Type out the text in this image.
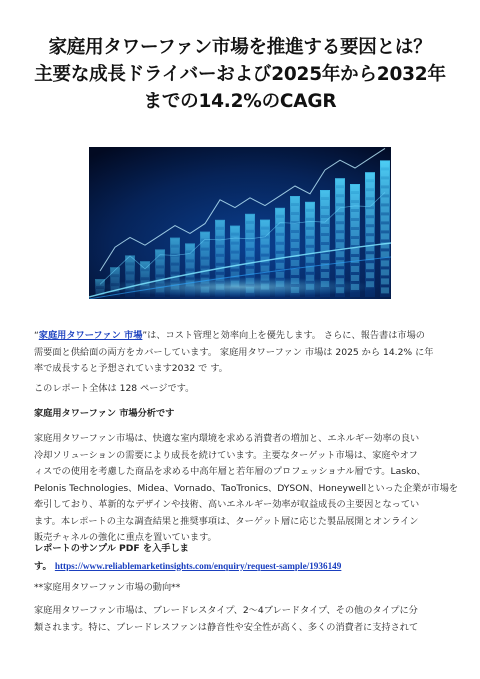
家庭用タワーファン市場を推進する要因とは？
主要な成長ドライバーおよび2025年から2032年
までの14.2%のCAGR
“家庭用タワーファン 市場”は、コスト管理と効率向上を優先します。 さらに、報告書は市場の
需要面と供給面の両方をカバーしています。 家庭用タワーファン 市場は 2025 から 14.2% に年
率で成長すると予想されています2032 で す。
このレポート全体は 128 ページです。
家庭用タワーファン 市場分析です
家庭用タワーファン市場は、快適な室内環境を求める消費者の増加と、エネルギー効率の良い
冷却ソリューションの需要により成長を続けています。主要なターゲット市場は、家庭やオフ
ィスでの使用を考慮した商品を求める中高年層と若年層のプロフェッショナル層です。Lasko、
Pelonis Technologies、Midea、Vornado、TaoTronics、DYSON、Honeywellといった企業が市場を
牽引しており、革新的なデザインや技術、高いエネルギー効率が収益成長の主要因となってい
ます。本レポートの主な調査結果と推奨事項は、ターゲット層に応じた製品展開とオンライン
販売チャネルの強化に重点を置いています。
レポートのサンプル PDF を入手しま
す。 https://www.reliablemarketinsights.com/enquiry/request-sample/1936149
**家庭用タワーファン市場の動向**
家庭用タワーファン市場は、ブレードレスタイプ、2〜4ブレードタイプ、その他のタイプに分
類されます。特に、ブレードレスファンは静音性や安全性が高く、多くの消費者に支持されて
